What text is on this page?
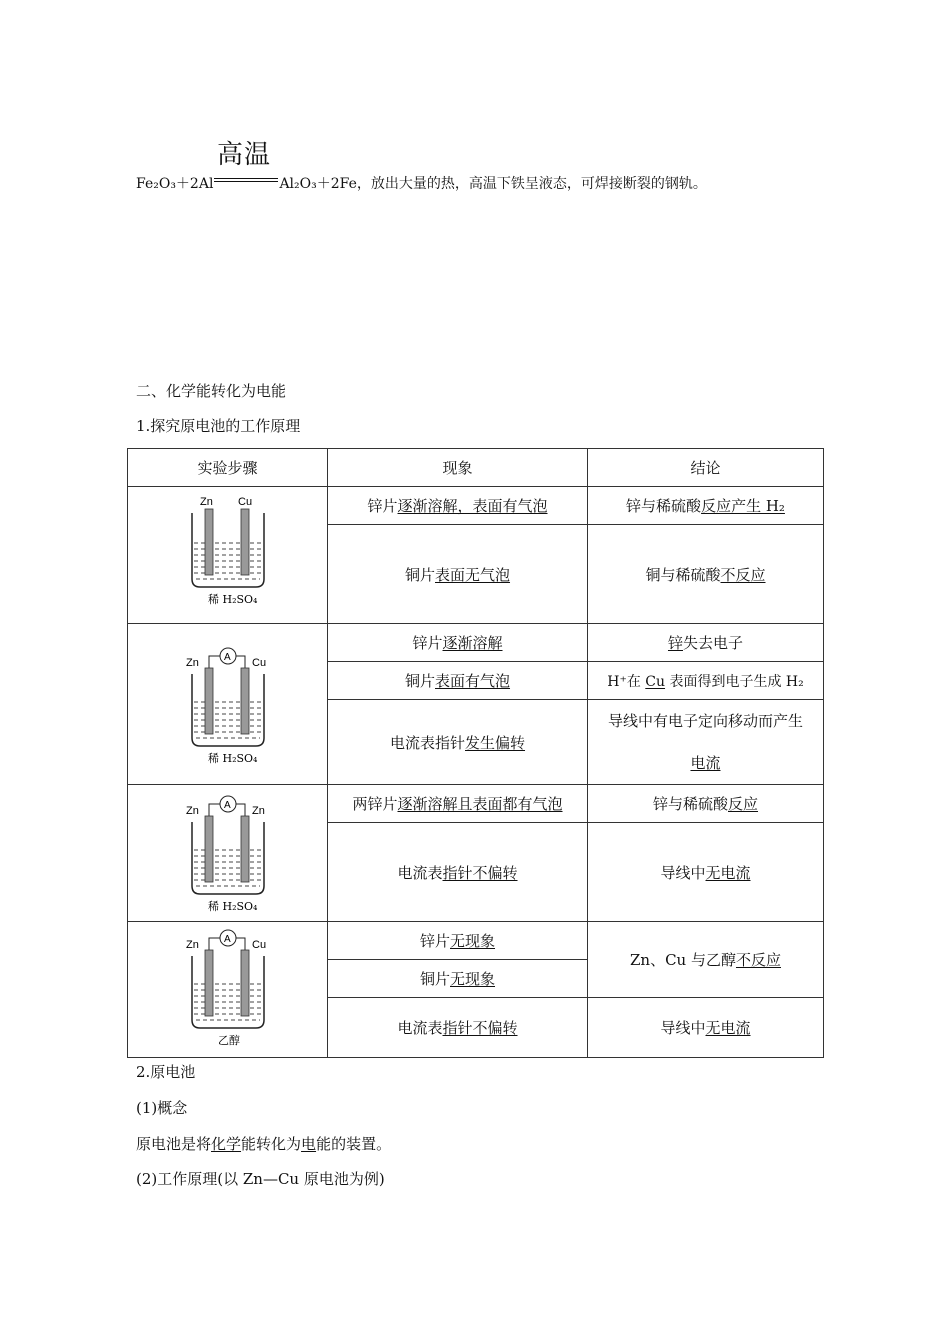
高温
Fe₂O₃＋2Al	Al₂O₃＋2Fe，放出大量的热，高温下铁呈液态，可焊接断裂的钢轨。
二、化学能转化为电能
1.探究原电池的工作原理
实验步骤	现象	结论

Zn Cu
稀 H₂SO₄	锌片逐渐溶解，表面有气泡	锌与稀硫酸反应产生 H₂
	铜片表面无气泡	铜与稀硫酸不反应

Zn Cu
A
稀 H₂SO₄	锌片逐渐溶解	锌失去电子
	铜片表面有气泡	H⁺在 Cu 表面得到电子生成 H₂
	电流表指针发生偏转	导线中有电子定向移动而产生
电流

Zn Zn
A
稀 H₂SO₄	两锌片逐渐溶解且表面都有气泡	锌与稀硫酸反应
	电流表指针不偏转	导线中无电流

Zn Cu
A
乙醇	锌片无现象	Zn、Cu 与乙醇不反应
	铜片无现象	
	电流表指针不偏转	导线中无电流
2.原电池
(1)概念
原电池是将化学能转化为电能的装置。
(2)工作原理(以 Zn—Cu 原电池为例)
